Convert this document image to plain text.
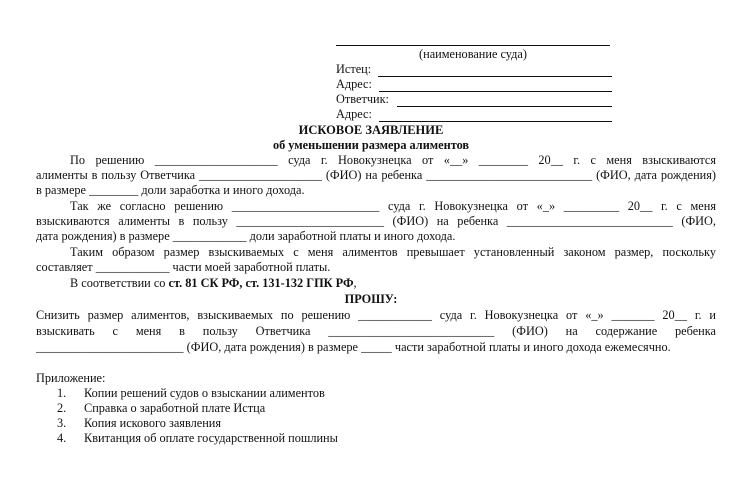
(наименование суда)
Истец:
Адрес:
Ответчик:
Адрес:
ИСКОВОЕ ЗАЯВЛЕНИЕ
об уменьшении размера алиментов
По решению ____________________ суда г. Новокузнецка от «__» ________ 20__ г. с меня взыскиваются
алименты в пользу Ответчика ____________________ (ФИО) на ребенка ___________________________ (ФИО, дата рождения)
в размере ________ доли заработка и иного дохода.
Так же согласно решению ________________________ суда г. Новокузнецка от «_» _________ 20__ г. с меня
взыскиваются алименты в пользу ________________________ (ФИО) на ребенка ___________________________ (ФИО,
дата рождения) в размере ____________ доли заработной платы и иного дохода.
Таким образом размер взыскиваемых с меня алиментов превышает установленный законом размер, поскольку
составляет ____________ части моей заработной платы.
В соответствии со ст. 81 СК РФ, ст. 131-132 ГПК РФ,
ПРОШУ:
Снизить размер алиментов, взыскиваемых по решению ____________ суда г. Новокузнецка от «_» _______ 20__ г. и
взыскивать с меня в пользу Ответчика ___________________________ (ФИО) на содержание ребенка
________________________ (ФИО, дата рождения) в размере _____ части заработной платы и иного дохода ежемесячно.
Приложение:
1. Копии решений судов о взыскании алиментов
2. Справка о заработной плате Истца
3. Копия искового заявления
4. Квитанция об оплате государственной пошлины
